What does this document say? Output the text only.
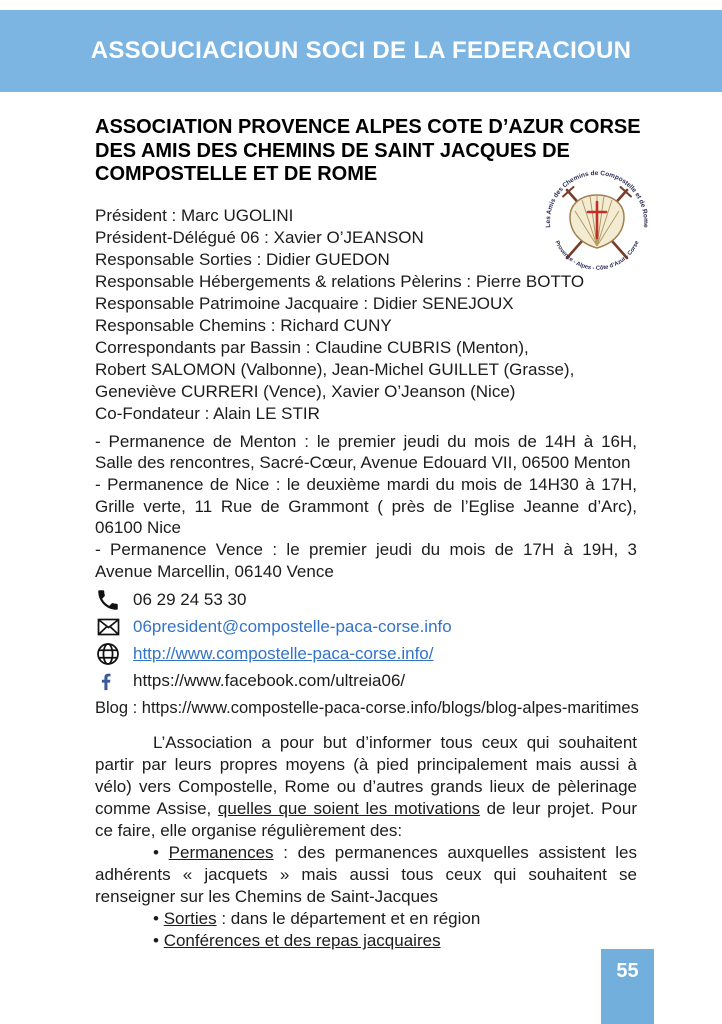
ASSOUCIACIOUN SOCI DE LA FEDERACIOUN
Les Amis des Chemins de Compostelle et de Rome
Provence - Alpes - Côte d’Azur - Corse
ASSOCIATION PROVENCE ALPES COTE D’AZUR CORSE
DES AMIS DES CHEMINS DE SAINT JACQUES DE
COMPOSTELLE ET DE ROME
Président : Marc UGOLINI
Président-Délégué 06 : Xavier O’JEANSON
Responsable Sorties : Didier GUEDON
Responsable Hébergements & relations Pèlerins : Pierre BOTTO
Responsable Patrimoine Jacquaire : Didier SENEJOUX
Responsable Chemins : Richard CUNY
Correspondants par Bassin : Claudine CUBRIS (Menton),
Robert SALOMON (Valbonne), Jean-Michel GUILLET (Grasse),
Geneviève CURRERI (Vence), Xavier O’Jeanson (Nice)
Co-Fondateur : Alain LE STIR

- Permanence de Menton : le premier jeudi du mois de 14H à 16H, Salle des rencontres, Sacré-Cœur, Avenue Edouard VII, 06500 Menton

- Permanence de Nice : le deuxième mardi du mois de 14H30 à 17H, Grille verte, 11 Rue de Grammont ( près de l’Eglise Jeanne d’Arc), 06100 Nice

- Permanence Vence : le premier jeudi du mois de 17H à 19H, 3 Avenue Marcellin, 06140 Vence

06 29 24 53 30
06president@compostelle-paca-corse.info
http://www.compostelle-paca-corse.info/
https://www.facebook.com/ultreia06/
Blog : https://www.compostelle-paca-corse.info/blogs/blog-alpes-maritimes

L’Association a pour but d’informer tous ceux qui souhaitent partir par leurs propres moyens (à pied principalement mais aussi à vélo) vers Compostelle, Rome ou d’autres grands lieux de pèlerinage comme Assise, quelles que soient les motivations de leur projet. Pour ce faire, elle organise régulièrement des:

• Permanences : des permanences auxquelles assistent les adhérents « jacquets » mais aussi tous ceux qui souhaitent se renseigner sur les Chemins de Saint-Jacques

• Sorties : dans le département et en région

• Conférences et des repas jacquaires

55
